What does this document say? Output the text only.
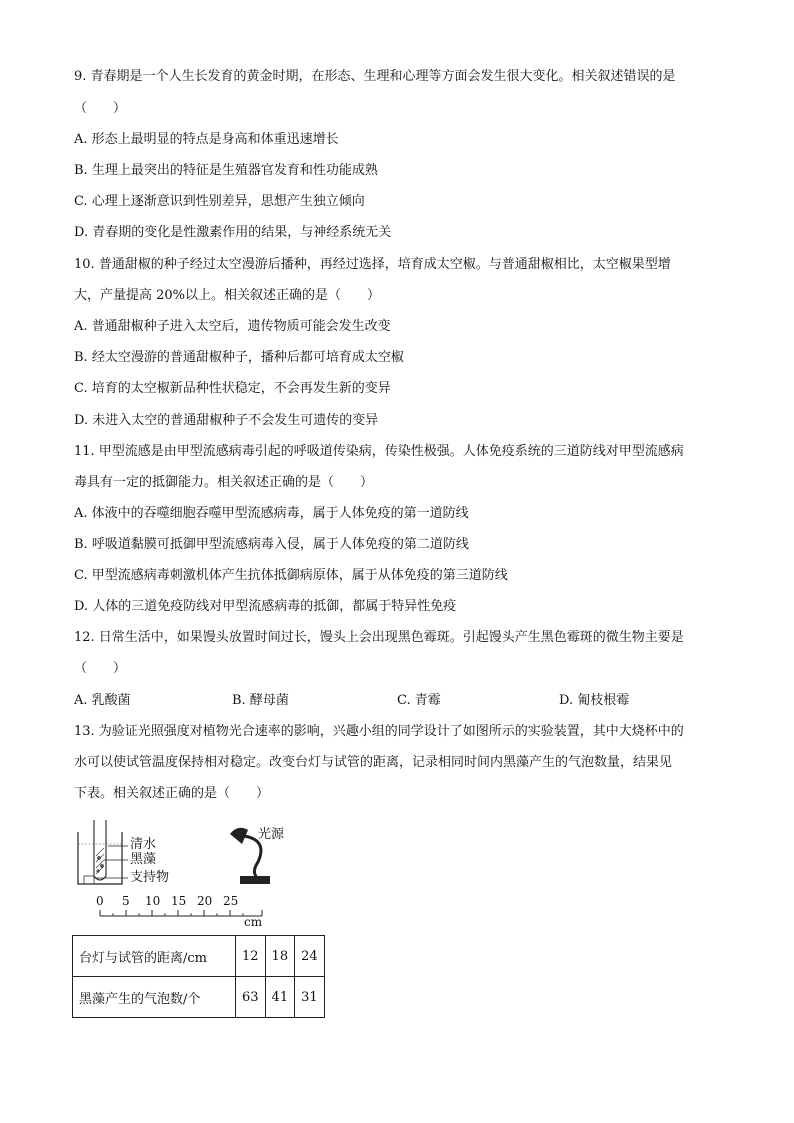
9. 青春期是一个人生长发育的黄金时期，在形态、生理和心理等方面会发生很大变化。相关叙述错误的是
（　　）
A. 形态上最明显的特点是身高和体重迅速增长
B. 生理上最突出的特征是生殖器官发育和性功能成熟
C. 心理上逐渐意识到性别差异，思想产生独立倾向
D. 青春期的变化是性激素作用的结果，与神经系统无关
10. 普通甜椒的种子经过太空漫游后播种，再经过选择，培育成太空椒。与普通甜椒相比，太空椒果型增
大，产量提高 20%以上。相关叙述正确的是（　　）
A. 普通甜椒种子进入太空后，遗传物质可能会发生改变
B. 经太空漫游的普通甜椒种子，播种后都可培育成太空椒
C. 培育的太空椒新品种性状稳定，不会再发生新的变异
D. 未进入太空的普通甜椒种子不会发生可遗传的变异
11. 甲型流感是由甲型流感病毒引起的呼吸道传染病，传染性极强。人体免疫系统的三道防线对甲型流感病
毒具有一定的抵御能力。相关叙述正确的是（　　）
A. 体液中的吞噬细胞吞噬甲型流感病毒，属于人体免疫的第一道防线
B. 呼吸道黏膜可抵御甲型流感病毒入侵，属于人体免疫的第二道防线
C. 甲型流感病毒刺激机体产生抗体抵御病原体，属于从体免疫的第三道防线
D. 人体的三道免疫防线对甲型流感病毒的抵御，都属于特异性免疫
12. 日常生活中，如果馒头放置时间过长，馒头上会出现黑色霉斑。引起馒头产生黑色霉斑的微生物主要是
（　　）
A. 乳酸菌	B. 酵母菌	C. 青霉	D. 匍枝根霉
13. 为验证光照强度对植物光合速率的影响，兴趣小组的同学设计了如图所示的实验装置，其中大烧杯中的
水可以使试管温度保持相对稳定。改变台灯与试管的距离，记录相同时间内黑藻产生的气泡数量，结果见
下表。相关叙述正确的是（　　）
清水
黑藻
支持物
光源
0 5 10 15 20 25
cm
台灯与试管的距离/cm	12	18	24
黑藻产生的气泡数/个	63	41	31
